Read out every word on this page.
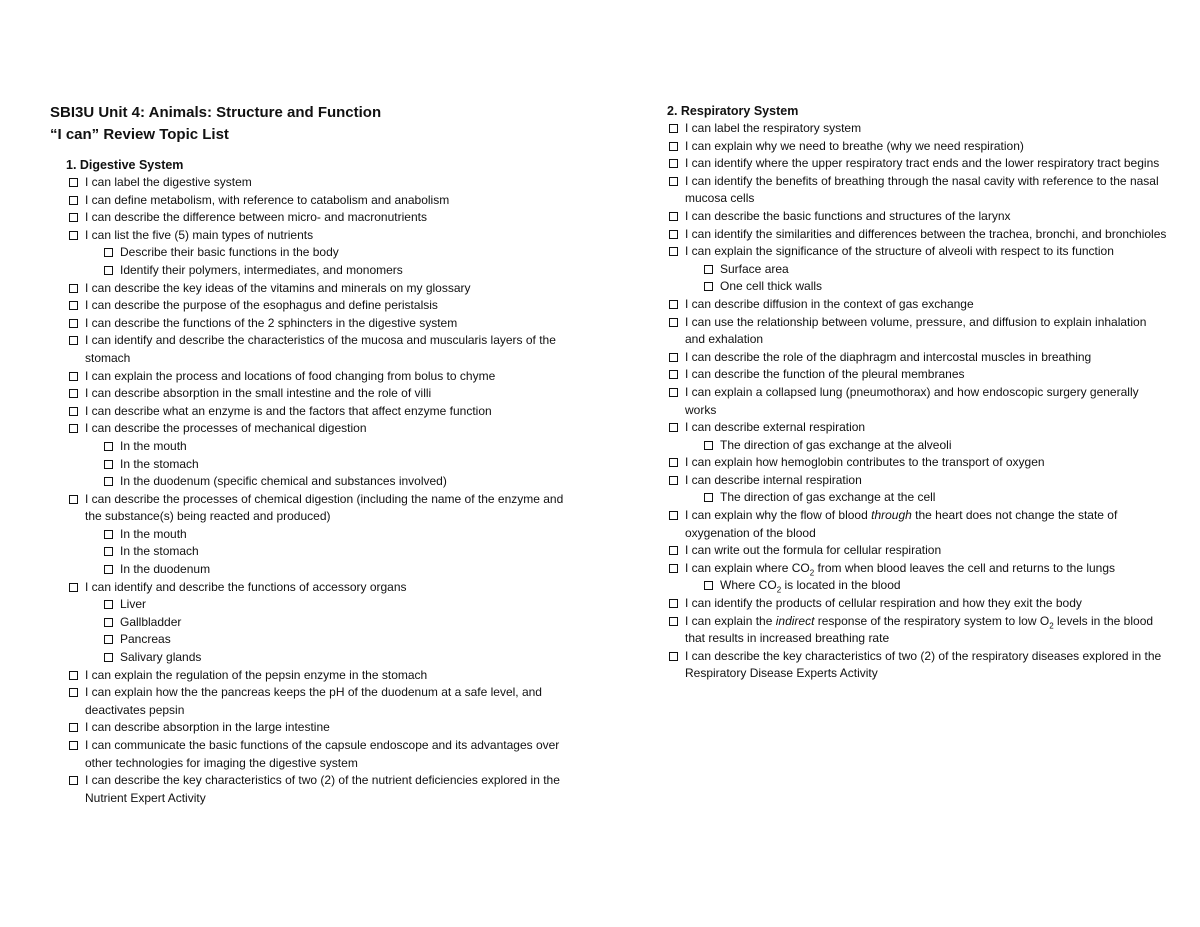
SBI3U Unit 4: Animals: Structure and Function

“I can” Review Topic List

1. Digestive System

I can label the digestive system
I can define metabolism, with reference to catabolism and anabolism
I can describe the difference between micro- and macronutrients
I can list the five (5) main types of nutrients
Describe their basic functions in the body
Identify their polymers, intermediates, and monomers
I can describe the key ideas of the vitamins and minerals on my glossary
I can describe the purpose of the esophagus and define peristalsis
I can describe the functions of the 2 sphincters in the digestive system
I can identify and describe the characteristics of the mucosa and muscularis layers of the stomach
I can explain the process and locations of food changing from bolus to chyme
I can describe absorption in the small intestine and the role of villi
I can describe what an enzyme is and the factors that affect enzyme function
I can describe the processes of mechanical digestion
In the mouth
In the stomach
In the duodenum (specific chemical and substances involved)
I can describe the processes of chemical digestion (including the name of the enzyme and the substance(s) being reacted and produced)
In the mouth
In the stomach
In the duodenum
I can identify and describe the functions of accessory organs
Liver
Gallbladder
Pancreas
Salivary glands
I can explain the regulation of the pepsin enzyme in the stomach
I can explain how the the pancreas keeps the pH of the duodenum at a safe level, and deactivates pepsin
I can describe absorption in the large intestine
I can communicate the basic functions of the capsule endoscope and its advantages over other technologies for imaging the digestive system
I can describe the key characteristics of two (2) of the nutrient deficiencies explored in the Nutrient Expert Activity

2. Respiratory System

I can label the respiratory system
I can explain why we need to breathe (why we need respiration)
I can identify where the upper respiratory tract ends and the lower respiratory tract begins
I can identify the benefits of breathing through the nasal cavity with reference to the nasal mucosa cells
I can describe the basic functions and structures of the larynx
I can identify the similarities and differences between the trachea, bronchi, and bronchioles
I can explain the significance of the structure of alveoli with respect to its function
Surface area
One cell thick walls
I can describe diffusion in the context of gas exchange
I can use the relationship between volume, pressure, and diffusion to explain inhalation and exhalation
I can describe the role of the diaphragm and intercostal muscles in breathing
I can describe the function of the pleural membranes
I can explain a collapsed lung (pneumothorax) and how endoscopic surgery generally works
I can describe external respiration
The direction of gas exchange at the alveoli
I can explain how hemoglobin contributes to the transport of oxygen
I can describe internal respiration
The direction of gas exchange at the cell
I can explain why the flow of blood through the heart does not change the state of oxygenation of the blood
I can write out the formula for cellular respiration
I can explain where $CO_2$ from when blood leaves the cell and returns to the lungs
Where $CO_2$ is located in the blood
I can identify the products of cellular respiration and how they exit the body
I can explain the indirect response of the respiratory system to low $O_2$ levels in the blood that results in increased breathing rate
I can describe the key characteristics of two (2) of the respiratory diseases explored in the Respiratory Disease Experts Activity
